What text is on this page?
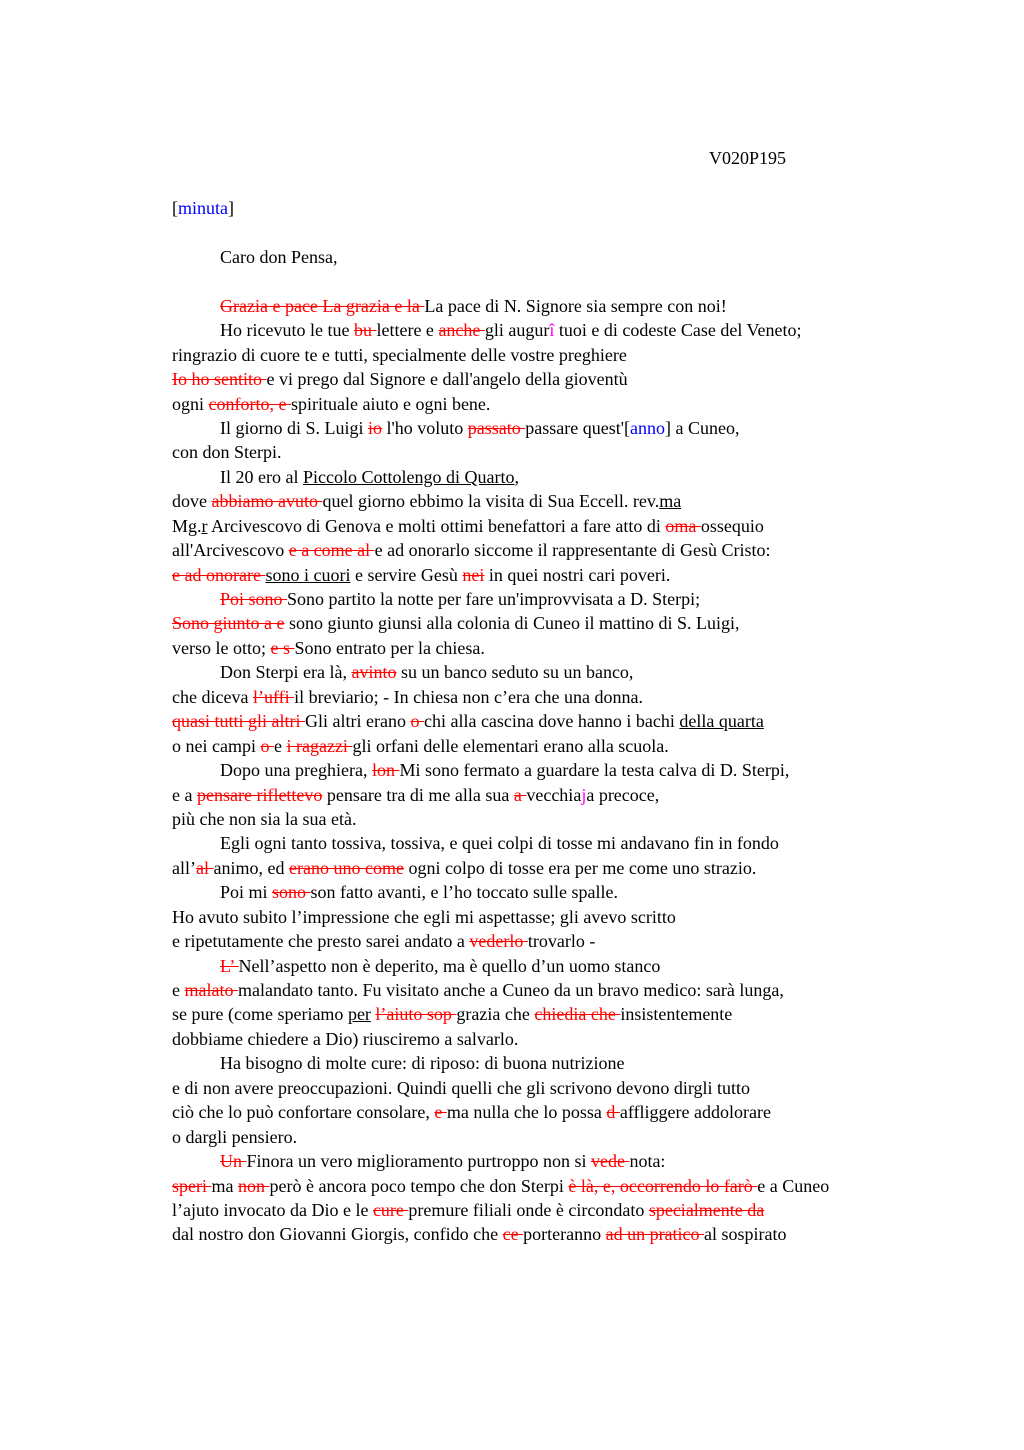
V020P195
[minuta]
Caro don Pensa,
Grazia e pace La grazia e la La pace di N. Signore sia sempre con noi!
Ho ricevuto le tue bu lettere e anche gli augurî tuoi e di codeste Case del Veneto;
ringrazio di cuore te e tutti, specialmente delle vostre preghiere
Io ho sentito e vi prego dal Signore e dall'angelo della gioventù
ogni conforto, e spirituale aiuto e ogni bene.
Il giorno di S. Luigi io l'ho voluto passato passare quest'[anno] a Cuneo,
con don Sterpi.
Il 20 ero al Piccolo Cottolengo di Quarto,
dove abbiamo avuto quel giorno ebbimo la visita di Sua Eccell. rev.ma
Mg.r Arcivescovo di Genova e molti ottimi benefattori a fare atto di oma ossequio
all'Arcivescovo e a come al e ad onorarlo siccome il rappresentante di Gesù Cristo:
e ad onorare sono i cuori e servire Gesù nei in quei nostri cari poveri.
Poi sono Sono partito la notte per fare un'improvvisata a D. Sterpi;
Sono giunto a e sono giunto giunsi alla colonia di Cuneo il mattino di S. Luigi,
verso le otto; e s Sono entrato per la chiesa.
Don Sterpi era là, avinto su un banco seduto su un banco,
che diceva l’uffi il breviario; - In chiesa non c’era che una donna.
quasi tutti gli altri Gli altri erano o chi alla cascina dove hanno i bachi della quarta
o nei campi o e i ragazzi gli orfani delle elementari erano alla scuola.
Dopo una preghiera, lon Mi sono fermato a guardare la testa calva di D. Sterpi,
e a pensare riflettevo pensare tra di me alla sua a vecchiaja precoce,
più che non sia la sua età.
Egli ogni tanto tossiva, tossiva, e quei colpi di tosse mi andavano fin in fondo
all’al animo, ed erano uno come ogni colpo di tosse era per me come uno strazio.
Poi mi sono son fatto avanti, e l’ho toccato sulle spalle.
Ho avuto subito l’impressione che egli mi aspettasse; gli avevo scritto
e ripetutamente che presto sarei andato a vederlo trovarlo -
L’ Nell’aspetto non è deperito, ma è quello d’un uomo stanco
e malato malandato tanto. Fu visitato anche a Cuneo da un bravo medico: sarà lunga,
se pure (come speriamo per l’aiuto sop grazia che chiedia che insistentemente
dobbiame chiedere a Dio) riusciremo a salvarlo.
Ha bisogno di molte cure: di riposo: di buona nutrizione
e di non avere preoccupazioni. Quindi quelli che gli scrivono devono dirgli tutto
ciò che lo può confortare consolare, e ma nulla che lo possa d affliggere addolorare
o dargli pensiero.
Un Finora un vero miglioramento purtroppo non si vede nota:
speri ma non però è ancora poco tempo che don Sterpi è là, e, occorrendo lo farò e a Cuneo
l’ajuto invocato da Dio e le cure premure filiali onde è circondato specialmente da
dal nostro don Giovanni Giorgis, confido che ce porteranno ad un pratico al sospirato
